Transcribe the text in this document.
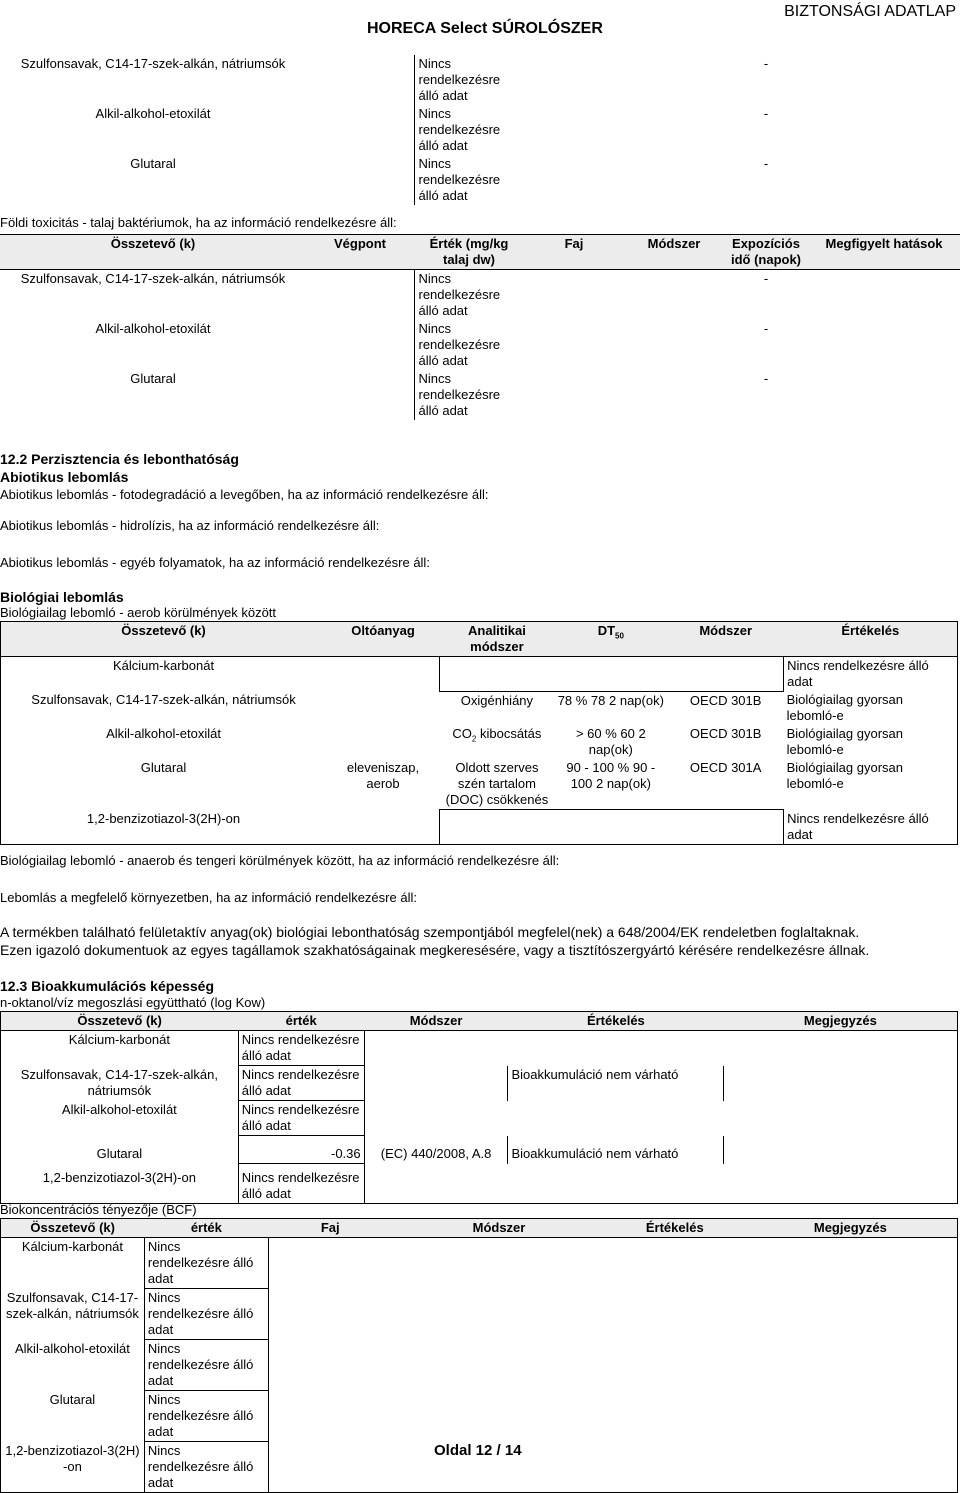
HORECA Select SÚROLÓSZER
BIZTONSÁGI ADATLAP
Szulfonsavak, C14-17-szek-alkán, nátriumsók		Nincs rendelkezésre álló adat			-	
Alkil-alkohol-etoxilát		Nincs rendelkezésre álló adat			-	
Glutaral		Nincs rendelkezésre álló adat			-	
Földi toxicitás - talaj baktériumok, ha az információ rendelkezésre áll:
Összetevő (k)	Végpont	Érték (mg/kg talaj dw)	Faj	Módszer	Expozíciós idő (napok)	Megfigyelt hatások
Szulfonsavak, C14-17-szek-alkán, nátriumsók		Nincs rendelkezésre álló adat			-	
Alkil-alkohol-etoxilát		Nincs rendelkezésre álló adat			-	
Glutaral		Nincs rendelkezésre álló adat			-	
12.2 Perzisztencia és lebonthatóság
Abiotikus lebomlás
Abiotikus lebomlás - fotodegradáció a levegőben, ha az információ rendelkezésre áll:
Abiotikus lebomlás - hidrolízis, ha az információ rendelkezésre áll:
Abiotikus lebomlás - egyéb folyamatok, ha az információ rendelkezésre áll:
Biológiai lebomlás
Biológiailag lebomló - aerob körülmények között
Összetevő (k)	Oltóanyag	Analitikai módszer	$DT_{50}$	Módszer	Értékelés
Kálcium-karbonát					Nincs rendelkezésre álló adat
Szulfonsavak, C14-17-szek-alkán, nátriumsók		Oxigénhiány	78 % 78 2 nap(ok)	OECD 301B	Biológiailag gyorsan lebomló-e
Alkil-alkohol-etoxilát		$CO_2$ kibocsátás	> 60 % 60 2 nap(ok)	OECD 301B	Biológiailag gyorsan lebomló-e
Glutaral	eleveniszap, aerob	Oldott szerves szén tartalom (DOC) csökkenés	90 - 100 % 90 - 100 2 nap(ok)	OECD 301A	Biológiailag gyorsan lebomló-e
1,2-benzizotiazol-3(2H)-on					Nincs rendelkezésre álló adat
Biológiailag lebomló - anaerob és tengeri körülmények között, ha az információ rendelkezésre áll:
Lebomlás a megfelelő környezetben, ha az információ rendelkezésre áll:
A termékben található felületaktív anyag(ok) biológiai lebonthatóság szempontjából megfelel(nek) a 648/2004/EK rendeletben foglaltaknak.
Ezen igazoló dokumentuok az egyes tagállamok szakhatóságainak megkeresésére, vagy a tisztítószergyártó kérésére rendelkezésre állnak.
12.3 Bioakkumulációs képesség
n-oktanol/víz megoszlási együttható (log Kow)
Összetevő (k)	érték	Módszer	Értékelés	Megjegyzés
Kálcium-karbonát	Nincs rendelkezésre álló adat			
Szulfonsavak, C14-17-szek-alkán, nátriumsók	Nincs rendelkezésre álló adat		Bioakkumuláció nem várható	
Alkil-alkohol-etoxilát	Nincs rendelkezésre álló adat			
Glutaral	-0.36	(EC) 440/2008, A.8	Bioakkumuláció nem várható	
1,2-benzizotiazol-3(2H)-on	Nincs rendelkezésre álló adat			
Biokoncentrációs tényezője (BCF)
Összetevő (k)	érték	Faj	Módszer	Értékelés	Megjegyzés
Kálcium-karbonát	Nincs rendelkezésre álló adat				
Szulfonsavak, C14-17-szek-alkán, nátriumsók	Nincs rendelkezésre álló adat				
Alkil-alkohol-etoxilát	Nincs rendelkezésre álló adat				
Glutaral	Nincs rendelkezésre álló adat				
1,2-benzizotiazol-3(2H) -on	Nincs rendelkezésre álló adat				
Oldal 12 / 14
